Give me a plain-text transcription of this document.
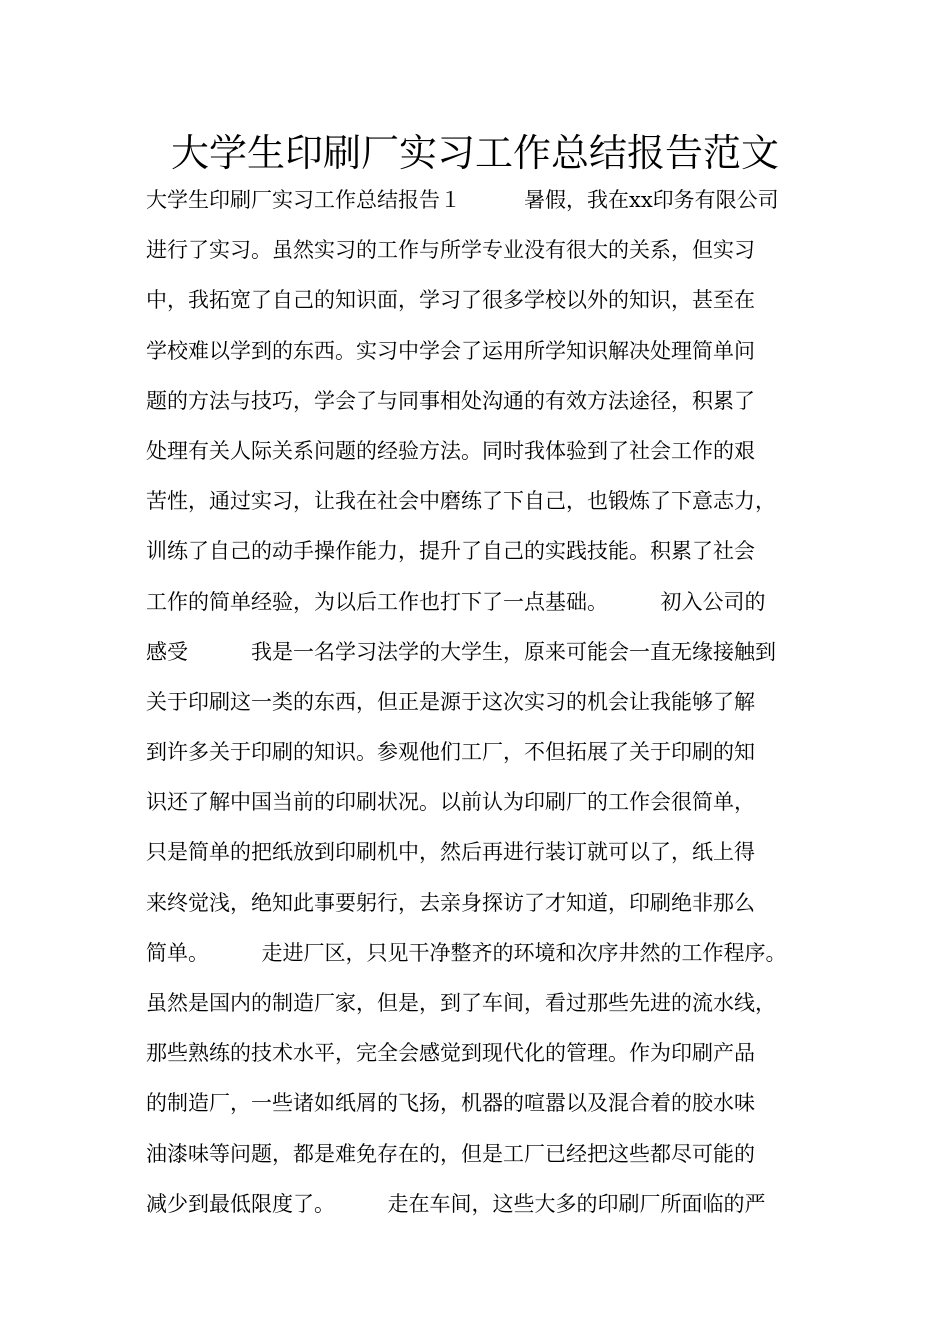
大学生印刷厂实习工作总结报告范文
大学生印刷厂实习工作总结报告１　　　暑假，我在xx印务有限公司
进行了实习。虽然实习的工作与所学专业没有很大的关系，但实习
中，我拓宽了自己的知识面，学习了很多学校以外的知识，甚至在
学校难以学到的东西。实习中学会了运用所学知识解决处理简单问
题的方法与技巧，学会了与同事相处沟通的有效方法途径，积累了
处理有关人际关系问题的经验方法。同时我体验到了社会工作的艰
苦性，通过实习，让我在社会中磨练了下自己，也锻炼了下意志力，
训练了自己的动手操作能力，提升了自己的实践技能。积累了社会
工作的简单经验，为以后工作也打下了一点基础。　　　初入公司的
感受　　　我是一名学习法学的大学生，原来可能会一直无缘接触到
关于印刷这一类的东西，但正是源于这次实习的机会让我能够了解
到许多关于印刷的知识。参观他们工厂，不但拓展了关于印刷的知
识还了解中国当前的印刷状况。以前认为印刷厂的工作会很简单，
只是简单的把纸放到印刷机中，然后再进行装订就可以了，纸上得
来终觉浅，绝知此事要躬行，去亲身探访了才知道，印刷绝非那么
简单。　　　走进厂区，只见干净整齐的环境和次序井然的工作程序。
虽然是国内的制造厂家，但是，到了车间，看过那些先进的流水线，
那些熟练的技术水平，完全会感觉到现代化的管理。作为印刷产品
的制造厂，一些诸如纸屑的飞扬，机器的喧嚣以及混合着的胶水味
油漆味等问题，都是难免存在的，但是工厂已经把这些都尽可能的
减少到最低限度了。　　　走在车间，这些大多的印刷厂所面临的严
